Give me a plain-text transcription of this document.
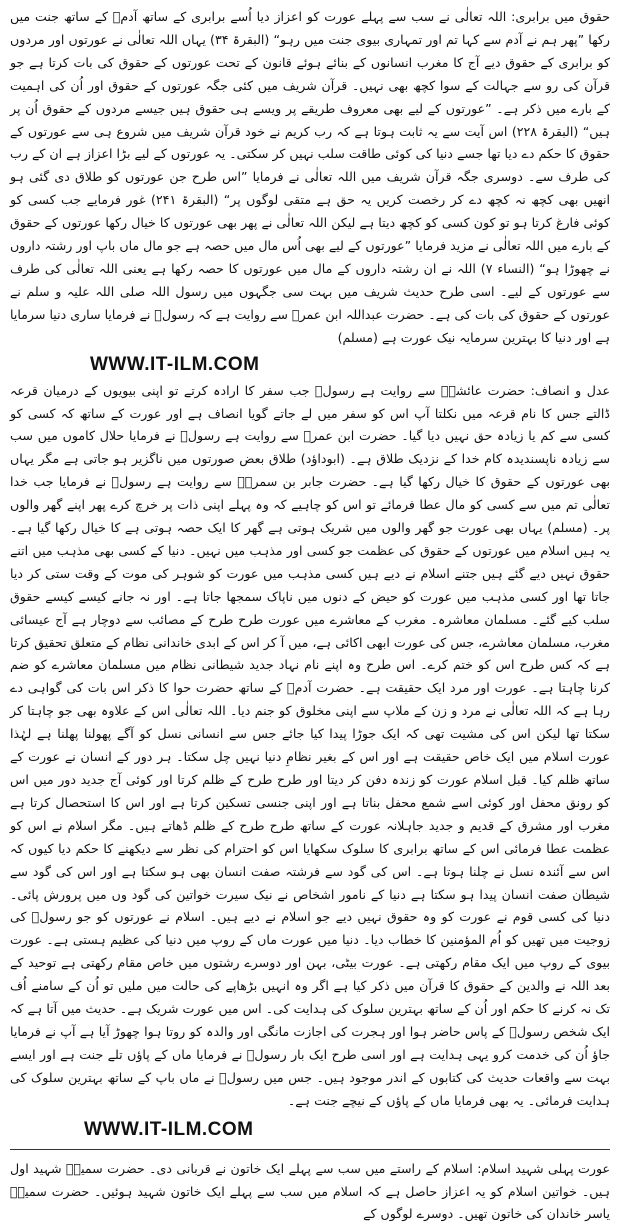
حقوق میں برابری: اللہ تعالٰی نے سب سے پہلے عورت کو اعزاز دیا اُسے برابری کے ساتھ آدمؑ کے ساتھ جنت میں رکھا ”پھر ہم نے آدم سے کہا تم اور تمہاری بیوی جنت میں رہو“ (البقرۃ ۳۴) یہاں اللہ تعالٰی نے عورتوں اور مردوں کو برابری کے حقوق دیے آج کا مغرب انسانوں کے بنائے ہوئے قانون کے تحت عورتوں کے حقوق کی بات کرتا ہے جو قرآن کی رو سے جہالت کے سوا کچھ بھی نہیں۔ قرآن شریف میں کئی جگہ عورتوں کے حقوق اور اُن کی اہمیت کے بارے میں ذکر ہے۔ ”عورتوں کے لیے بھی معروف طریقے پر ویسے ہی حقوق ہیں جیسے مردوں کے حقوق اُن پر ہیں“ (البقرۃ ۲۲۸) اس آیت سے یہ ثابت ہوتا ہے کہ رب کریم نے خود قرآن شریف میں شروع ہی سے عورتوں کے حقوق کا حکم دے دیا تھا جسے دنیا کی کوئی طاقت سلب نہیں کر سکتی۔ یہ عورتوں کے لیے بڑا اعزاز ہے ان کے رب کی طرف سے۔ دوسری جگہ قرآن شریف میں اللہ تعالٰی نے فرمایا ”اس طرح جن عورتوں کو طلاق دی گئی ہو انھیں بھی کچھ نہ کچھ دے کر رخصت کریں یہ حق ہے متقی لوگوں پر“ (البقرۃ ۲۴۱) غور فرمایے جب کسی کو کوئی فارغ کرتا ہو تو کون کسی کو کچھ دیتا ہے لیکن اللہ تعالٰی نے پھر بھی عورتوں کا خیال رکھا عورتوں کے حقوق کے بارے میں اللہ تعالٰی نے مزید فرمایا ”عورتوں کے لیے بھی اُس مال میں حصہ ہے جو مال ماں باپ اور رشتہ داروں نے چھوڑا ہو“ (النساء ۷) اللہ نے ان رشتہ داروں کے مال میں عورتوں کا حصہ رکھا ہے یعنی اللہ تعالٰی کی طرف سے عورتوں کے لیے۔ اسی طرح حدیث شریف میں بہت سی جگہوں میں رسول اللہ صلی اللہ علیہ و سلم نے عورتوں کے حقوق کی بات کی ہے۔ حضرت عبداللہ ابن عمرؓ سے روایت ہے کہ رسولؐ نے فرمایا ساری دنیا سرمایا ہے اور دنیا کا بہترین سرمایہ نیک عورت ہے (مسلم)

WWW.IT-ILM.COM

عدل و انصاف: حضرت عائشہؓ سے روایت ہے رسولؐ جب سفر کا ارادہ کرتے تو اپنی بیویوں کے درمیان قرعہ ڈالتے جس کا نام قرعہ میں نکلتا آپ اس کو سفر میں لے جاتے گویا انصاف ہے اور عورت کے ساتھ کہ کسی کو کسی سے کم یا زیادہ حق نہیں دیا گیا۔ حضرت ابن عمرؓ سے روایت ہے رسولؐ نے فرمایا حلال کاموں میں سب سے زیادہ ناپسندیدہ کام خدا کے نزدیک طلاق ہے۔ (ابوداؤد) طلاق بعض صورتوں میں ناگزیر ہو جاتی ہے مگر یہاں بھی عورتوں کے حقوق کا خیال رکھا گیا ہے۔ حضرت جابر بن سمرہؓ سے روایت ہے رسولؐ نے فرمایا جب خدا تعالٰی تم میں سے کسی کو مال عطا فرمائے تو اس کو چاہیے کہ وہ پہلے اپنی ذات پر خرچ کرے پھر اپنے گھر والوں پر۔ (مسلم) یہاں بھی عورت جو گھر والوں میں شریک ہوتی ہے گھر کا ایک حصہ ہوتی ہے کا خیال رکھا گیا ہے۔ یہ ہیں اسلام میں عورتوں کے حقوق کی عظمت جو کسی اور مذہب میں نہیں۔ دنیا کے کسی بھی مذہب میں اتنے حقوق نہیں دیے گئے ہیں جتنے اسلام نے دیے ہیں کسی مذہب میں عورت کو شوہر کی موت کے وقت ستی کر دیا جاتا تھا اور کسی مذہب میں عورت کو حیض کے دنوں میں ناپاک سمجھا جاتا ہے۔ اور نہ جانے کیسے کیسے حقوق سلب کیے گئے۔ مسلمان معاشرہ۔ مغرب کے معاشرے میں عورت طرح طرح کے مصائب سے دوچار ہے آج عیسائی مغرب، مسلمان معاشرے، جس کی عورت ابھی اکائی ہے، میں آ کر اس کے ابدی خاندانی نظام کے متعلق تحقیق کرتا ہے کہ کس طرح اس کو ختم کرے۔ اس طرح وہ اپنے نام نہاد جدید شیطانی نظام میں مسلمان معاشرے کو ضم کرنا چاہتا ہے۔ عورت اور مرد ایک حقیقت ہے۔ حضرت آدمؑ کے ساتھ حضرت حوا کا ذکر اس بات کی گواہی دے رہا ہے کہ اللہ تعالٰی نے مرد و زن کے ملاپ سے اپنی مخلوق کو جنم دیا۔ اللہ تعالٰی اس کے علاوہ بھی جو چاہتا کر سکتا تھا لیکن اس کی مشیت تھی کہ ایک جوڑا پیدا کیا جائے جس سے انسانی نسل کو آگے پھولنا پھلنا ہے لہٰذا عورت اسلام میں ایک خاص حقیقت ہے اور اس کے بغیر نظامِ دنیا نہیں چل سکتا۔ ہر دور کے انسان نے عورت کے ساتھ ظلم کیا۔ قبل اسلام عورت کو زندہ دفن کر دیتا اور طرح طرح کے ظلم کرتا اور کوئی آج جدید دور میں اس کو رونق محفل اور کوئی اسے شمع محفل بناتا ہے اور اپنی جنسی تسکین کرتا ہے اور اس کا استحصال کرتا ہے مغرب اور مشرق کے قدیم و جدید جاہلانہ عورت کے ساتھ طرح طرح کے ظلم ڈھاتے ہیں۔ مگر اسلام نے اس کو عظمت عطا فرمائی اس کے ساتھ برابری کا سلوک سکھایا اس کو احترام کی نظر سے دیکھنے کا حکم دیا کیوں کہ اس سے آئندہ نسل نے چلنا ہوتا ہے۔ اس کی گود سے فرشتہ صفت انسان بھی ہو سکتا ہے اور اس کی گود سے شیطان صفت انسان پیدا ہو سکتا ہے دنیا کے نامور اشخاص نے نیک سیرت خواتین کی گود وں میں پرورش پائی۔ دنیا کی کسی قوم نے عورت کو وہ حقوق نہیں دیے جو اسلام نے دیے ہیں۔ اسلام نے عورتوں کو جو رسولؐ کی زوجیت میں تھیں کو اُم المؤمنین کا خطاب دیا۔ دنیا میں عورت ماں کے روپ میں دنیا کی عظیم ہستی ہے۔ عورت بیوی کے روپ میں ایک مقام رکھتی ہے۔ عورت بیٹی، بہن اور دوسرے رشتوں میں خاص مقام رکھتی ہے توحید کے بعد اللہ نے والدین کے حقوق کا قرآن میں ذکر کیا ہے اگر وہ انہیں بڑھاپے کی حالت میں ملیں تو اُن کے سامنے اُف تک نہ کرنے کا حکم اور اُن کے ساتھ بہترین سلوک کی ہدایت کی۔ اس میں عورت شریک ہے۔ حدیث میں آتا ہے کہ ایک شخص رسولؐ کے پاس حاضر ہوا اور ہجرت کی اجازت مانگی اور والدہ کو روتا ہوا چھوڑ آیا ہے آپ نے فرمایا جاؤ اُن کی خدمت کرو یہی ہدایت ہے اور اسی طرح ایک بار رسولؐ نے فرمایا ماں کے پاؤں تلے جنت ہے اور ایسے بہت سے واقعات حدیث کی کتابوں کے اندر موجود ہیں۔ جس میں رسولؐ نے ماں باپ کے ساتھ بہترین سلوک کی ہدایت فرمائی۔ یہ بھی فرمایا ماں کے پاؤں کے نیچے جنت ہے۔

WWW.IT-ILM.COM

عورت پہلی شہید اسلام: اسلام کے راستے میں سب سے پہلے ایک خاتون نے قربانی دی۔ حضرت سمیہؓ شہید اول ہیں۔ خواتین اسلام کو یہ اعزاز حاصل ہے کہ اسلام میں سب سے پہلے ایک خاتون شہید ہوئیں۔ حضرت سمیہؓ یاسر خاندان کی خاتون تھیں۔ دوسرے لوگوں کے
